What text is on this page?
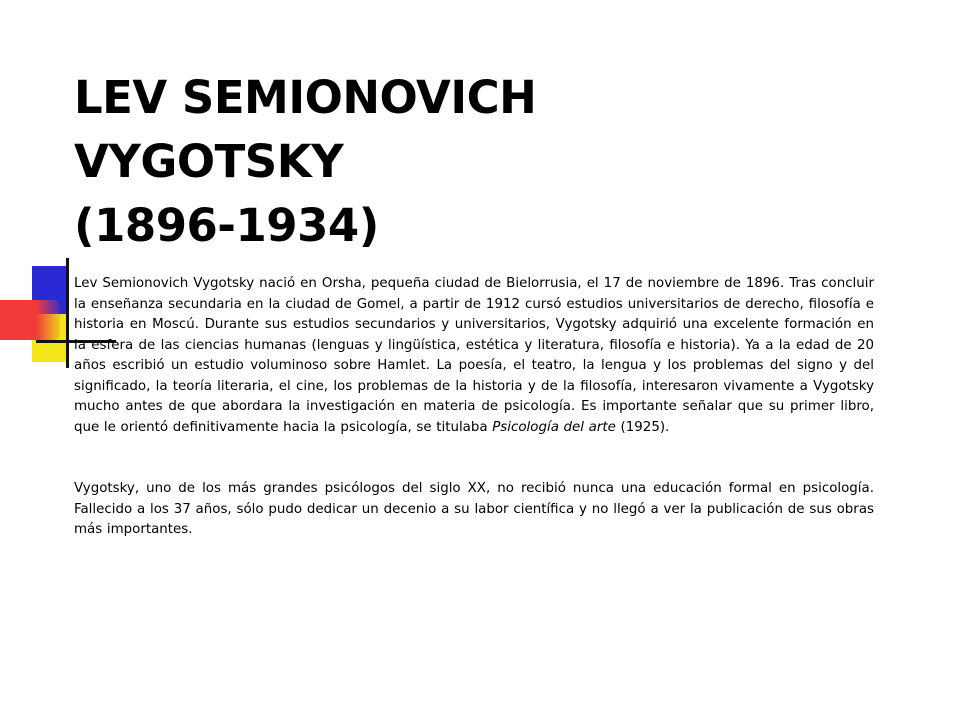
LEV SEMIONOVICH
VYGOTSKY
(1896-1934)

Lev Semionovich Vygotsky nació en Orsha, pequeña ciudad de Bielorrusia, el 17 de noviembre de 1896. Tras concluir la enseñanza secundaria en la ciudad de Gomel, a partir de 1912 cursó estudios universitarios de derecho, filosofía e historia en Moscú. Durante sus estudios secundarios y universitarios, Vygotsky adquirió una excelente formación en la esfera de las ciencias humanas (lenguas y lingüística, estética y literatura, filosofía e historia). Ya a la edad de 20 años escribió un estudio voluminoso sobre Hamlet. La poesía, el teatro, la lengua y los problemas del signo y del significado, la teoría literaria, el cine, los problemas de la historia y de la filosofía, interesaron vivamente a Vygotsky mucho antes de que abordara la investigación en materia de psicología. Es importante señalar que su primer libro, que le orientó definitivamente hacia la psicología, se titulaba Psicología del arte (1925).

Vygotsky, uno de los más grandes psicólogos del siglo XX, no recibió nunca una educación formal en psicología. Fallecido a los 37 años, sólo pudo dedicar un decenio a su labor científica y no llegó a ver la publicación de sus obras más importantes.
